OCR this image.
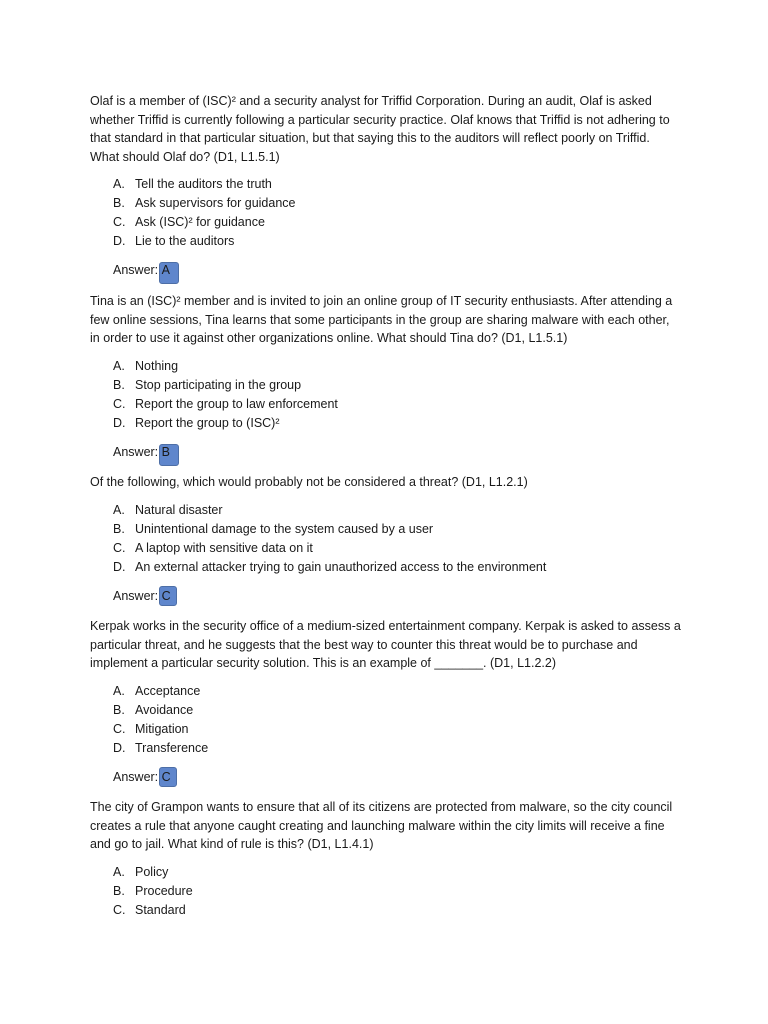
Olaf is a member of (ISC)² and a security analyst for Triffid Corporation. During an audit, Olaf is asked whether Triffid is currently following a particular security practice. Olaf knows that Triffid is not adhering to that standard in that particular situation, but that saying this to the auditors will reflect poorly on Triffid. What should Olaf do? (D1, L1.5.1)

A. Tell the auditors the truth
B. Ask supervisors for guidance
C. Ask (ISC)² for guidance
D. Lie to the auditors
Answer: A

Tina is an (ISC)² member and is invited to join an online group of IT security enthusiasts. After attending a few online sessions, Tina learns that some participants in the group are sharing malware with each other, in order to use it against other organizations online. What should Tina do? (D1, L1.5.1)

A. Nothing
B. Stop participating in the group
C. Report the group to law enforcement
D. Report the group to (ISC)²
Answer: B

Of the following, which would probably not be considered a threat? (D1, L1.2.1)

A. Natural disaster
B. Unintentional damage to the system caused by a user
C. A laptop with sensitive data on it
D. An external attacker trying to gain unauthorized access to the environment
Answer: C

Kerpak works in the security office of a medium-sized entertainment company. Kerpak is asked to assess a particular threat, and he suggests that the best way to counter this threat would be to purchase and implement a particular security solution. This is an example of _______. (D1, L1.2.2)

A. Acceptance
B. Avoidance
C. Mitigation
D. Transference
Answer: C

The city of Grampon wants to ensure that all of its citizens are protected from malware, so the city council creates a rule that anyone caught creating and launching malware within the city limits will receive a fine and go to jail. What kind of rule is this? (D1, L1.4.1)

A. Policy
B. Procedure
C. Standard
